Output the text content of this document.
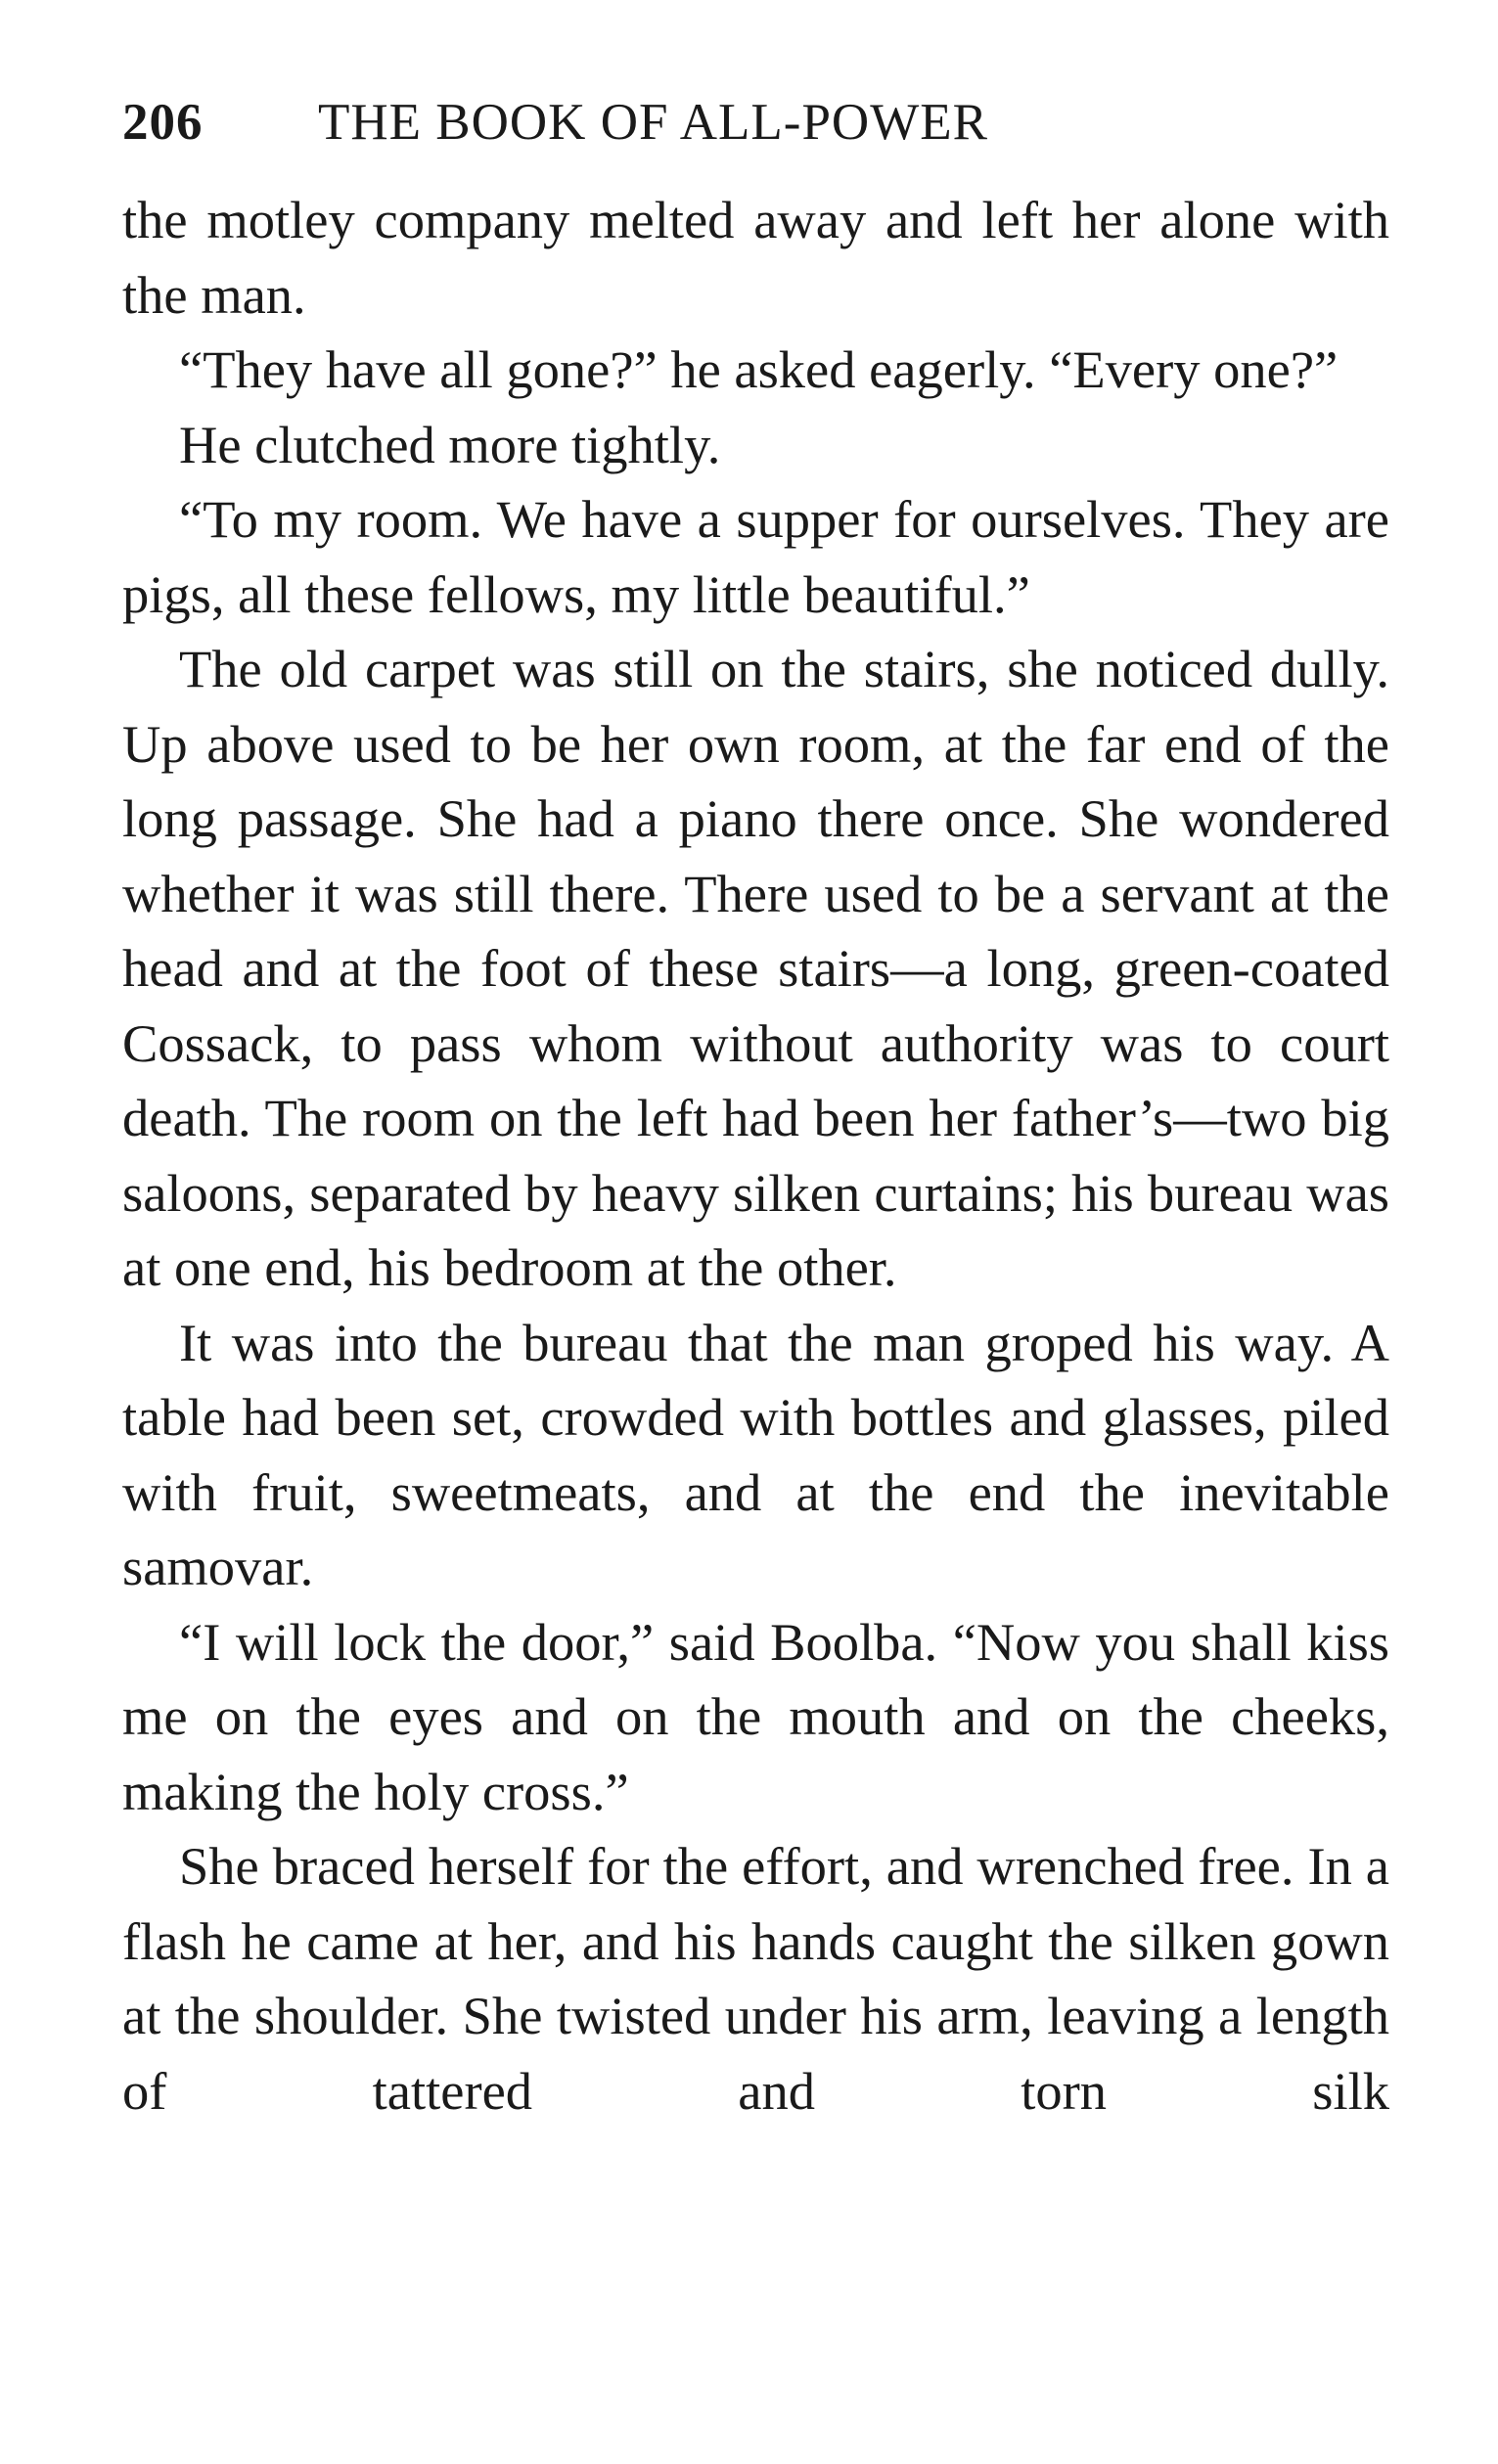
206	THE BOOK OF ALL-POWER

the motley company melted away and left her alone with the man.

“They have all gone?” he asked eagerly. “Every one?”

He clutched more tightly.

“To my room. We have a supper for ourselves. They are pigs, all these fellows, my little beautiful.”

The old carpet was still on the stairs, she noticed dully. Up above used to be her own room, at the far end of the long passage. She had a piano there once. She wondered whether it was still there. There used to be a servant at the head and at the foot of these stairs—a long, green-coated Cossack, to pass whom without authority was to court death. The room on the left had been her father’s—two big saloons, separated by heavy silken curtains; his bureau was at one end, his bedroom at the other.

It was into the bureau that the man groped his way. A table had been set, crowded with bottles and glasses, piled with fruit, sweetmeats, and at the end the inevitable samovar.

“I will lock the door,” said Boolba. “Now you shall kiss me on the eyes and on the mouth and on the cheeks, making the holy cross.”

She braced herself for the effort, and wrenched free. In a flash he came at her, and his hands caught the silken gown at the shoulder. She twisted under his arm, leaving a length of tattered and torn silk
